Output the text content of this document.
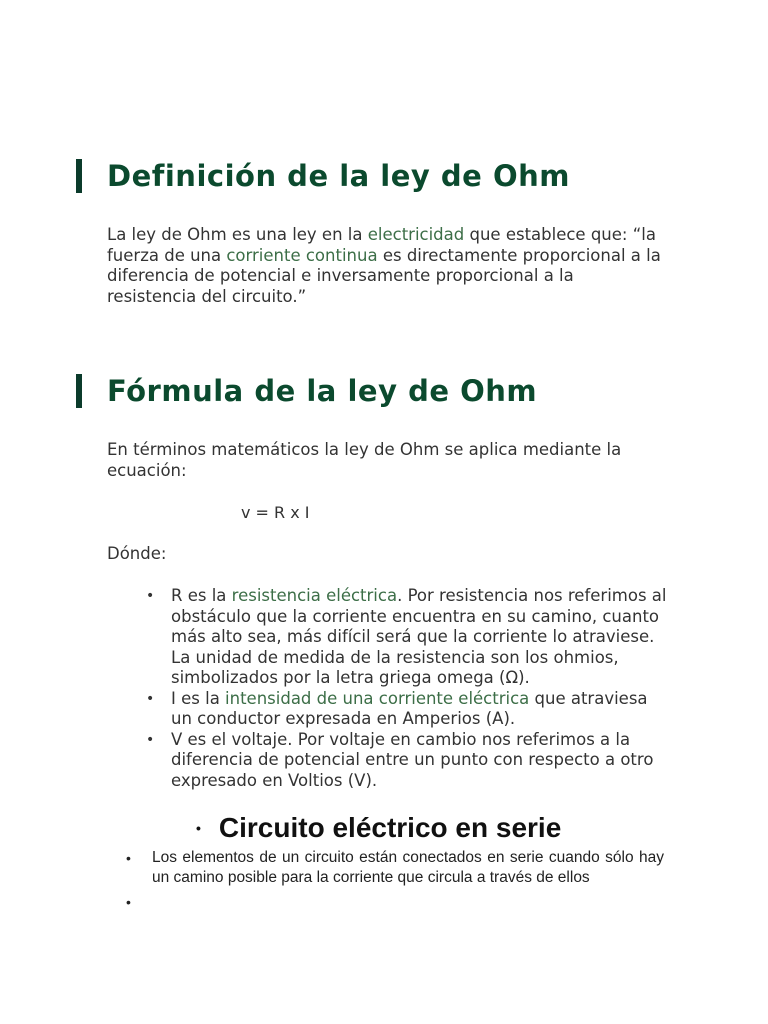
Definición de la ley de Ohm

La ley de Ohm es una ley en la electricidad que establece que: “la fuerza de una corriente continua es directamente proporcional a la diferencia de potencial e inversamente proporcional a la resistencia del circuito.”

Fórmula de la ley de Ohm

En términos matemáticos la ley de Ohm se aplica mediante la ecuación:

v = R x I

Dónde:

• R es la resistencia eléctrica. Por resistencia nos referimos al obstáculo que la corriente encuentra en su camino, cuanto más alto sea, más difícil será que la corriente lo atraviese. La unidad de medida de la resistencia son los ohmios, simbolizados por la letra griega omega (Ω).
• I es la intensidad de una corriente eléctrica que atraviesa un conductor expresada en Amperios (A).
• V es el voltaje. Por voltaje en cambio nos referimos a la diferencia de potencial entre un punto con respecto a otro expresado en Voltios (V).
• Circuito eléctrico en serie
• Los elementos de un circuito están conectados en serie cuando sólo hay un camino posible para la corriente que circula a través de ellos
•
